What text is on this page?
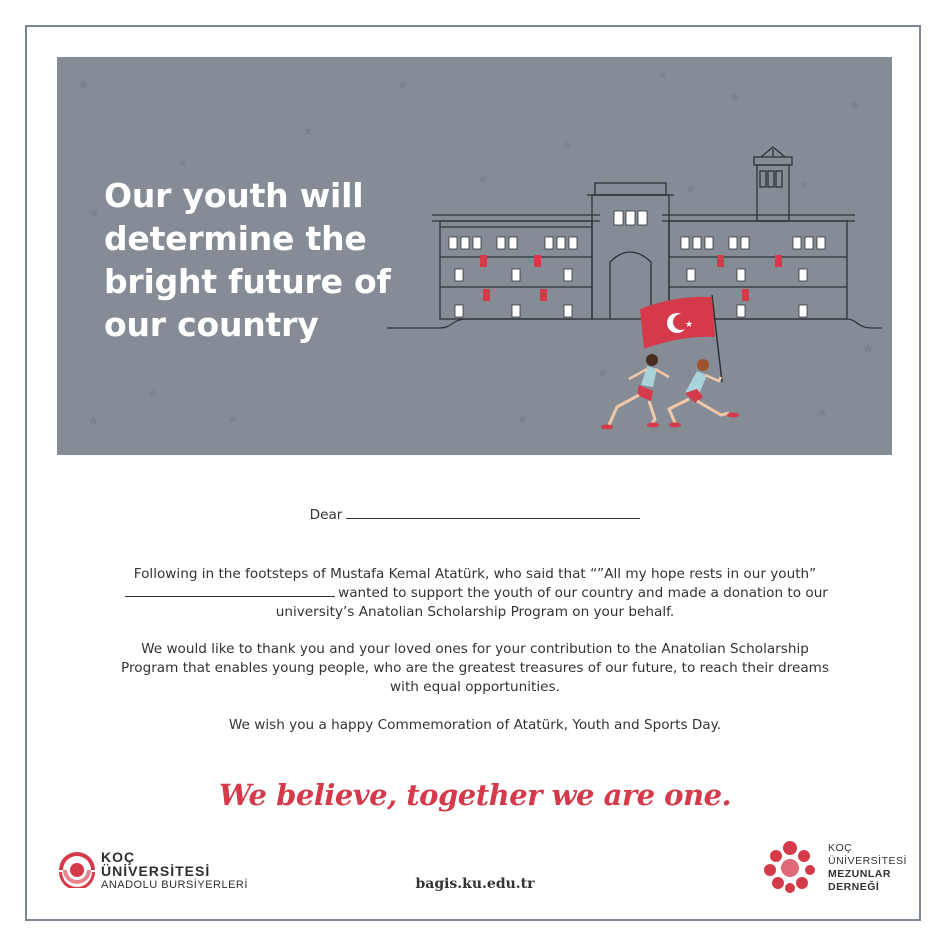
★
★
★
★
★
★
★
★
★
★
★
★
★
★	★
★
★
★
★
★
Our youth will
determine the
bright future of
our country
Dear

Following in the footsteps of Mustafa Kemal Atatürk, who said that “”All my hope rests in our youth”wanted to support the youth of our country and made a donation to our university’s Anatolian Scholarship Program on your behalf.

We would like to thank you and your loved ones for your contribution to the Anatolian Scholarship Program that enables young people, who are the greatest treasures of our future, to reach their dreams with equal opportunities.

We wish you a happy Commemoration of Atatürk, Youth and Sports Day.

We believe, together we are one.
KOÇ
ÜNİVERSİTESİ
ANADOLU BURSİYERLERİ	bagis.ku.edu.tr
KOÇ
ÜNİVERSİTESİ
MEZUNLAR
DERNEĞİ
